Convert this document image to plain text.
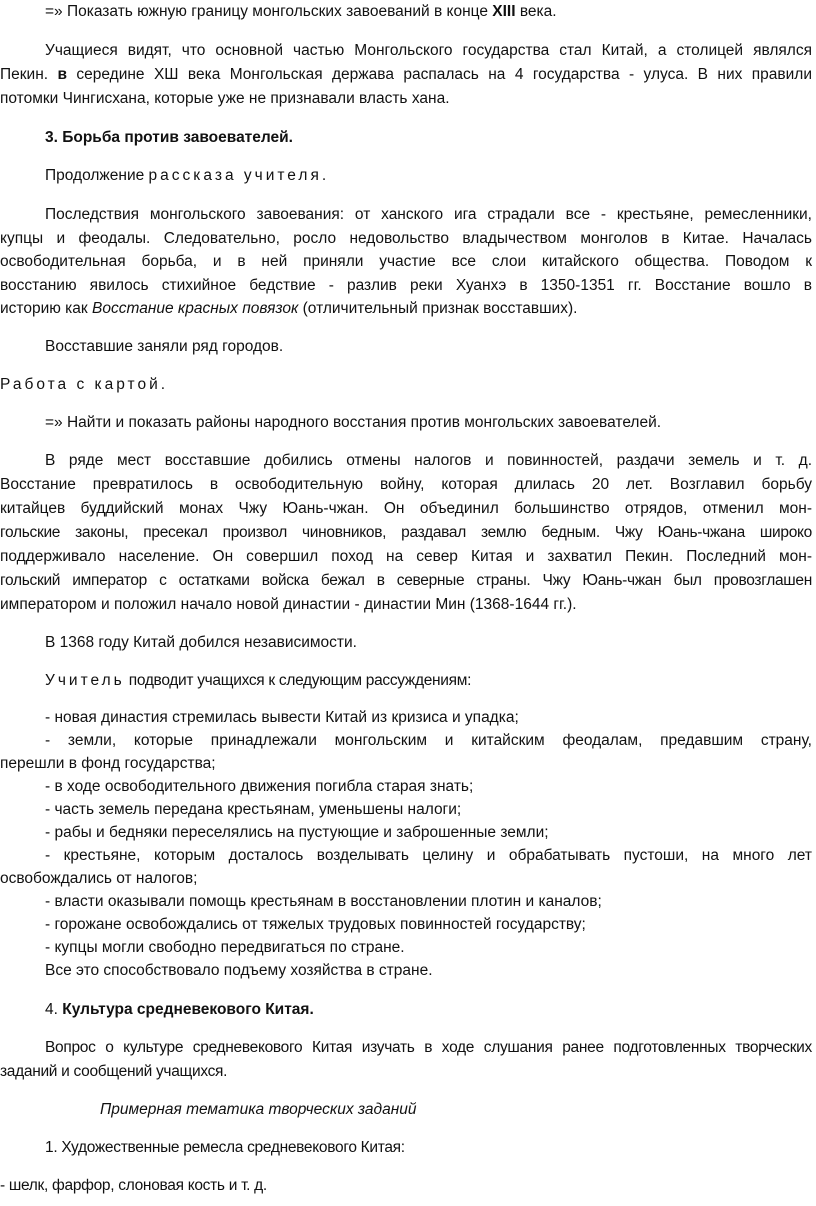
=» Показать южную границу монгольских завоеваний в конце XIII века.
Учащиеся видят, что основной частью Монгольского государства стал Китай, а столицей являлся
Пекин. в середине ХШ века Монгольская держава распалась на 4 государства - улуса. В них правили
потомки Чингисхана, которые уже не признавали власть хана.
3. Борьба против завоевателей.
Продолжение рассказа учителя.
Последствия монгольского завоевания: от ханского ига страдали все - крестьяне, ремесленники,
купцы и феодалы. Следовательно, росло недовольство владычеством монголов в Китае. Началась
освободительная борьба, и в ней приняли участие все слои китайского общества. Поводом к
восстанию явилось стихийное бедствие - разлив реки Хуанхэ в 1350-1351 гг. Восстание вошло в
историю как Восстание красных повязок (отличительный признак восставших).
Восставшие заняли ряд городов.
Работа с картой.
=» Найти и показать районы народного восстания против монгольских завоевателей.
В ряде мест восставшие добились отмены налогов и повинностей, раздачи земель и т. д.
Восстание превратилось в освободительную войну, которая длилась 20 лет. Возглавил борьбу
китайцев буддийский монах Чжу Юань-чжан. Он объединил большинство отрядов, отменил мон-
гольские законы, пресекал произвол чиновников, раздавал землю бедным. Чжу Юань-чжана широко
поддерживало население. Он совершил поход на север Китая и захватил Пекин. Последний мон-
гольский император с остатками войска бежал в северные страны. Чжу Юань-чжан был провозглашен
императором и положил начало новой династии - династии Мин (1368-1644 гг.).
В 1368 году Китай добился независимости.
Учитель подводит учащихся к следующим рассуждениям:
- новая династия стремилась вывести Китай из кризиса и упадка;
- земли, которые принадлежали монгольским и китайским феодалам, предавшим страну,
перешли в фонд государства;
- в ходе освободительного движения погибла старая знать;
- часть земель передана крестьянам, уменьшены налоги;
- рабы и бедняки переселялись на пустующие и заброшенные земли;
- крестьяне, которым досталось возделывать целину и обрабатывать пустоши, на много лет
освобождались от налогов;
- власти оказывали помощь крестьянам в восстановлении плотин и каналов;
- горожане освобождались от тяжелых трудовых повинностей государству;
- купцы могли свободно передвигаться по стране.
Все это способствовало подъему хозяйства в стране.
4. Культура средневекового Китая.
Вопрос о культуре средневекового Китая изучать в ходе слушания ранее подготовленных творческих
заданий и сообщений учащихся.
Примерная тематика творческих заданий
1. Художественные ремесла средневекового Китая:
- шелк, фарфор, слоновая кость и т. д.
